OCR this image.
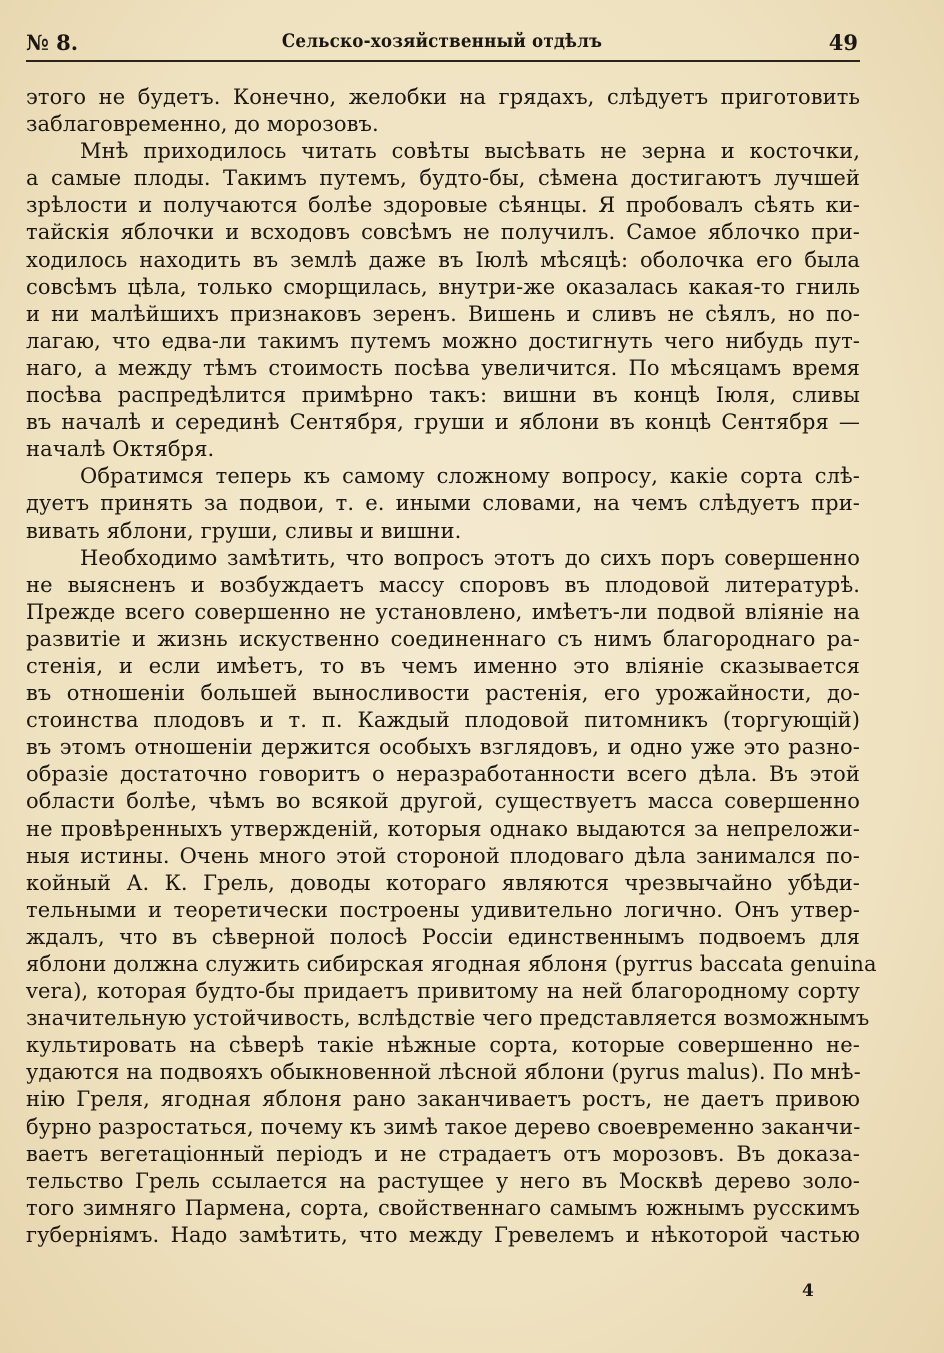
№ 8.	Сельско-хозяйственный отдѣлъ	49
этого не будетъ. Конечно, желобки на грядахъ, слѣдуетъ приготовить
заблаговременно, до морозовъ.
Мнѣ приходилось читать совѣты высѣвать не зерна и косточки,
а самые плоды. Такимъ путемъ, будто-бы, сѣмена достигаютъ лучшей
зрѣлости и получаются болѣе здоровые сѣянцы. Я пробовалъ сѣять ки-
тайскія яблочки и всходовъ совсѣмъ не получилъ. Самое яблочко при-
ходилось находить въ землѣ даже въ Іюлѣ мѣсяцѣ: оболочка его была
совсѣмъ цѣла, только сморщилась, внутри-же оказалась какая-то гниль
и ни малѣйшихъ признаковъ зеренъ. Вишень и сливъ не сѣялъ, но по-
лагаю, что едва-ли такимъ путемъ можно достигнуть чего нибудь пут-
наго, а между тѣмъ стоимость посѣва увеличится. По мѣсяцамъ время
посѣва распредѣлится примѣрно такъ: вишни въ концѣ Іюля, сливы
въ началѣ и серединѣ Сентября, груши и яблони въ концѣ Сентября —
началѣ Октября.
Обратимся теперь къ самому сложному вопросу, какіе сорта слѣ-
дуетъ принять за подвои, т. е. иными словами, на чемъ слѣдуетъ при-
вивать яблони, груши, сливы и вишни.
Необходимо замѣтить, что вопросъ этотъ до сихъ поръ совершенно
не выясненъ и возбуждаетъ массу споровъ въ плодовой литературѣ.
Прежде всего совершенно не установлено, имѣетъ-ли подвой вліяніе на
развитіе и жизнь искуственно соединеннаго съ нимъ благороднаго ра-
стенія, и если имѣетъ, то въ чемъ именно это вліяніе сказывается
въ отношеніи большей выносливости растенія, его урожайности, до-
стоинства плодовъ и т. п. Каждый плодовой питомникъ (торгующій)
въ этомъ отношеніи держится особыхъ взглядовъ, и одно уже это разно-
образіе достаточно говоритъ о неразработанности всего дѣла. Въ этой
области болѣе, чѣмъ во всякой другой, существуетъ масса совершенно
не провѣренныхъ утвержденій, которыя однако выдаются за непреложи-
ныя истины. Очень много этой стороной плодоваго дѣла занимался по-
койный А. К. Грель, доводы котораго являются чрезвычайно убѣди-
тельными и теоретически построены удивительно логично. Онъ утвер-
ждалъ, что въ сѣверной полосѣ Россіи единственнымъ подвоемъ для
яблони должна служить сибирская ягодная яблоня (pyrrus baccata genuina
vera), которая будто-бы придаетъ привитому на ней благородному сорту
значительную устойчивость, вслѣдствіе чего представляется возможнымъ
культировать на сѣверѣ такіе нѣжные сорта, которые совершенно не-
удаются на подвояхъ обыкновенной лѣсной яблони (pyrus malus). По мнѣ-
нію Греля, ягодная яблоня рано заканчиваетъ ростъ, не даетъ привою
бурно разростаться, почему къ зимѣ такое дерево своевременно заканчи-
ваетъ вегетаціонный періодъ и не страдаетъ отъ морозовъ. Въ доказа-
тельство Грель ссылается на растущее у него въ Москвѣ дерево золо-
того зимняго Пармена, сорта, свойственнаго самымъ южнымъ русскимъ
губерніямъ. Надо замѣтить, что между Гревелемъ и нѣкоторой частью
4
